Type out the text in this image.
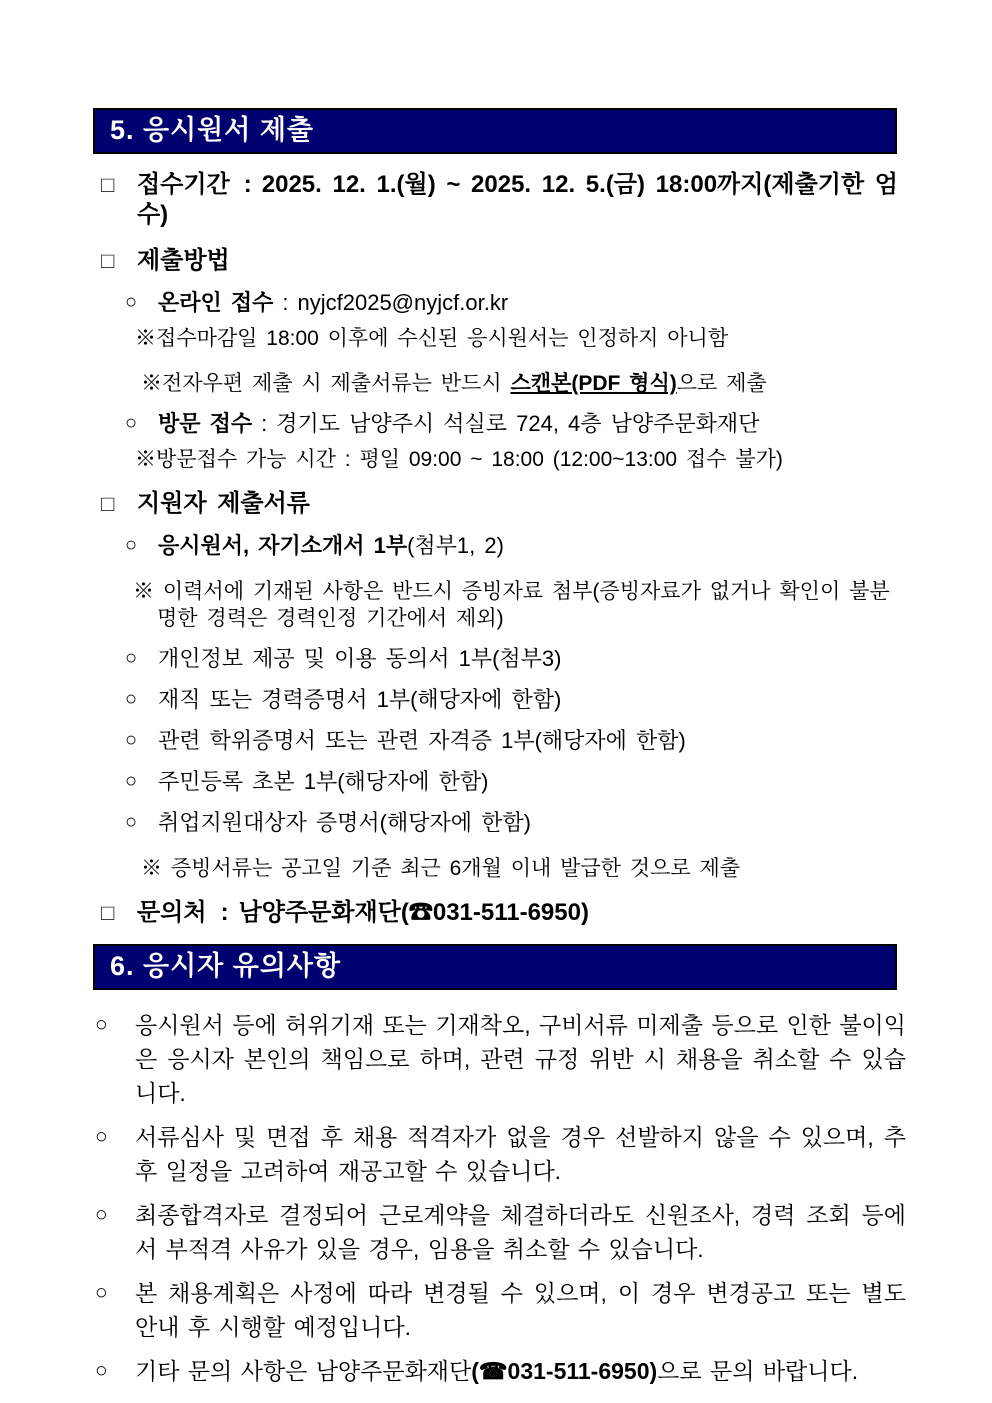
5. 응시원서 제출
□ 접수기간 : 2025. 12. 1.(월) ~ 2025. 12. 5.(금) 18:00까지(제출기한 엄수)
□ 제출방법
○ 온라인 접수 : nyjcf2025@nyjcf.or.kr
※접수마감일 18:00 이후에 수신된 응시원서는 인정하지 아니함
※전자우편 제출 시 제출서류는 반드시 스캔본(PDF 형식)으로 제출
○ 방문 접수 : 경기도 남양주시 석실로 724, 4층 남양주문화재단
※방문접수 가능 시간 : 평일 09:00 ~ 18:00 (12:00~13:00 접수 불가)
□ 지원자 제출서류
○ 응시원서, 자기소개서 1부(첨부1, 2)
※ 이력서에 기재된 사항은 반드시 증빙자료 첨부(증빙자료가 없거나 확인이 불분명한 경력은 경력인정 기간에서 제외)
○ 개인정보 제공 및 이용 동의서 1부(첨부3)
○ 재직 또는 경력증명서 1부(해당자에 한함)
○ 관련 학위증명서 또는 관련 자격증 1부(해당자에 한함)
○ 주민등록 초본 1부(해당자에 한함)
○ 취업지원대상자 증명서(해당자에 한함)
※ 증빙서류는 공고일 기준 최근 6개월 이내 발급한 것으로 제출
□ 문의처 : 남양주문화재단(☎031-511-6950)
6. 응시자 유의사항
○	응시원서 등에 허위기재 또는 기재착오, 구비서류 미제출 등으로 인한 불이익은 응시자 본인의 책임으로 하며, 관련 규정 위반 시 채용을 취소할 수 있습니다.
○	서류심사 및 면접 후 채용 적격자가 없을 경우 선발하지 않을 수 있으며, 추후 일정을 고려하여 재공고할 수 있습니다.
○	최종합격자로 결정되어 근로계약을 체결하더라도 신원조사, 경력 조회 등에서 부적격 사유가 있을 경우, 임용을 취소할 수 있습니다.
○	본 채용계획은 사정에 따라 변경될 수 있으며, 이 경우 변경공고 또는 별도 안내 후 시행할 예정입니다.
○	기타 문의 사항은 남양주문화재단(☎031-511-6950)으로 문의 바랍니다.
